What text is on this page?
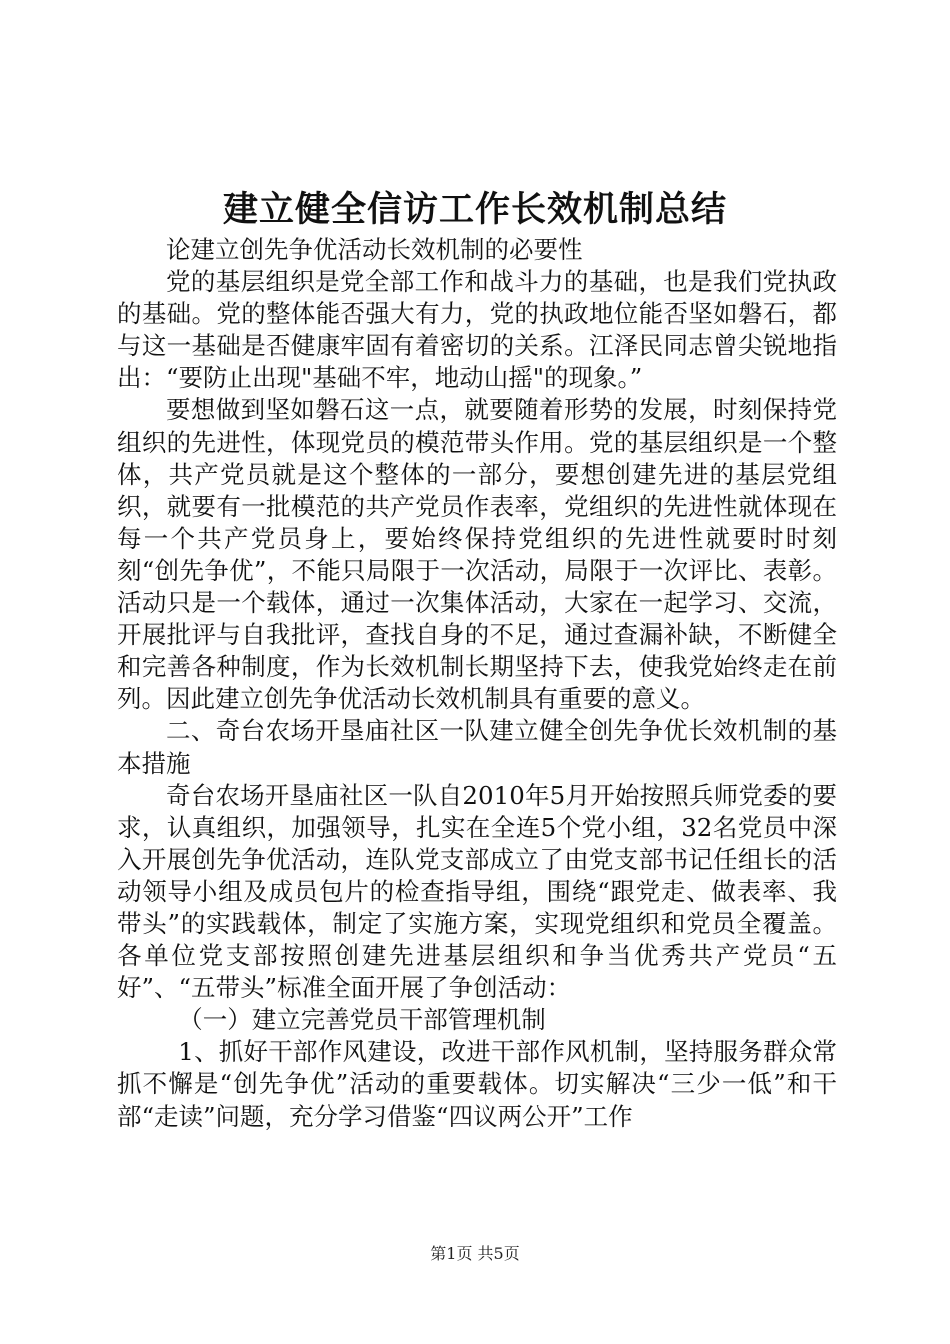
建立健全信访工作长效机制总结

论建立创先争优活动长效机制的必要性

党的基层组织是党全部工作和战斗力的基础，也是我们党执政的基础。党的整体能否强大有力，党的执政地位能否坚如磐石，都与这一基础是否健康牢固有着密切的关系。江泽民同志曾尖锐地指出：“要防止出现"基础不牢，地动山摇"的现象。”

要想做到坚如磐石这一点，就要随着形势的发展，时刻保持党组织的先进性，体现党员的模范带头作用。党的基层组织是一个整体，共产党员就是这个整体的一部分，要想创建先进的基层党组织，就要有一批模范的共产党员作表率，党组织的先进性就体现在每一个共产党员身上，要始终保持党组织的先进性就要时时刻刻“创先争优”，不能只局限于一次活动，局限于一次评比、表彰。活动只是一个载体，通过一次集体活动，大家在一起学习、交流，开展批评与自我批评，查找自身的不足，通过查漏补缺，不断健全和完善各种制度，作为长效机制长期坚持下去，使我党始终走在前列。因此建立创先争优活动长效机制具有重要的意义。

二、奇台农场开垦庙社区一队建立健全创先争优长效机制的基本措施

奇台农场开垦庙社区一队自2010年5月开始按照兵师党委的要求，认真组织，加强领导，扎实在全连5个党小组，32名党员中深入开展创先争优活动，连队党支部成立了由党支部书记任组长的活动领导小组及成员包片的检查指导组，围绕“跟党走、做表率、我带头”的实践载体，制定了实施方案，实现党组织和党员全覆盖。各单位党支部按照创建先进基层组织和争当优秀共产党员“五好”、“五带头”标准全面开展了争创活动：

（一）建立完善党员干部管理机制

1、抓好干部作风建设，改进干部作风机制，坚持服务群众常抓不懈是“创先争优”活动的重要载体。切实解决“三少一低”和干部“走读”问题，充分学习借鉴“四议两公开”工作

第1页 共5页
